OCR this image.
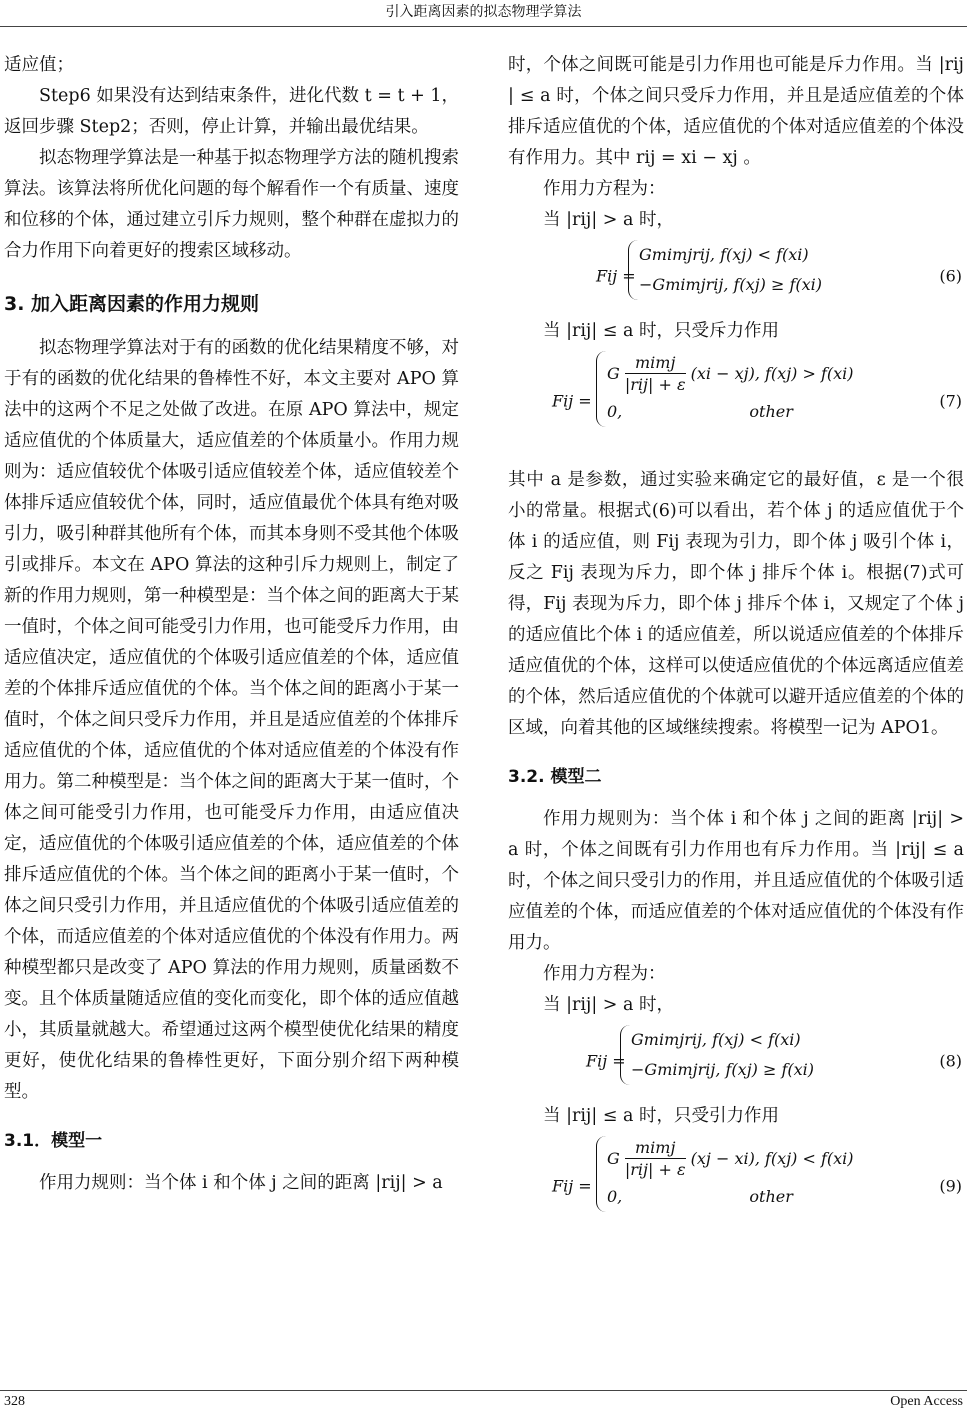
引入距离因素的拟态物理学算法

适应值；

Step6 如果没有达到结束条件，进化代数 t = t + 1，返回步骤 Step2；否则，停止计算，并输出最优结果。

拟态物理学算法是一种基于拟态物理学方法的随机搜索算法。该算法将所优化问题的每个解看作一个有质量、速度和位移的个体，通过建立引斥力规则，整个种群在虚拟力的合力作用下向着更好的搜索区域移动。

3. 加入距离因素的作用力规则

拟态物理学算法对于有的函数的优化结果精度不够，对于有的函数的优化结果的鲁棒性不好，本文主要对 APO 算法中的这两个不足之处做了改进。在原 APO 算法中，规定适应值优的个体质量大，适应值差的个体质量小。作用力规则为：适应值较优个体吸引适应值较差个体，适应值较差个体排斥适应值较优个体，同时，适应值最优个体具有绝对吸引力，吸引种群其他所有个体，而其本身则不受其他个体吸引或排斥。本文在 APO 算法的这种引斥力规则上，制定了新的作用力规则，第一种模型是：当个体之间的距离大于某一值时，个体之间可能受引力作用，也可能受斥力作用，由适应值决定，适应值优的个体吸引适应值差的个体，适应值差的个体排斥适应值优的个体。当个体之间的距离小于某一值时，个体之间只受斥力作用，并且是适应值差的个体排斥适应值优的个体，适应值优的个体对适应值差的个体没有作用力。第二种模型是：当个体之间的距离大于某一值时，个体之间可能受引力作用，也可能受斥力作用，由适应值决定，适应值优的个体吸引适应值差的个体，适应值差的个体排斥适应值优的个体。当个体之间的距离小于某一值时，个体之间只受引力作用，并且适应值优的个体吸引适应值差的个体，而适应值差的个体对适应值优的个体没有作用力。两种模型都只是改变了 APO 算法的作用力规则，质量函数不变。且个体质量随适应值的变化而变化，即个体的适应值越小，其质量就越大。希望通过这两个模型使优化结果的精度更好，使优化结果的鲁棒性更好，下面分别介绍下两种模型。

3.1．模型一

作用力规则：当个体 i 和个体 j 之间的距离 |rij| > a

时，个体之间既可能是引力作用也可能是斥力作用。当 |rij| ≤ a 时，个体之间只受斥力作用，并且是适应值差的个体排斥适应值优的个体，适应值优的个体对适应值差的个体没有作用力。其中 rij = xi − xj 。

作用力方程为：

当 |rij| > a 时，

Fij =
Gmimjrij, f(xj) < f(xi)
−Gmimjrij, f(xj) ≥ f(xi)	(6)

当 |rij| ≤ a 时，只受斥力作用

Fij =
G $\frac{\text{mimj}}{\text{|rij| + ε}} (xi - xj)$, f(xj) > f(xi)
0,                         other
(7)

其中 a 是参数，通过实验来确定它的最好值，ε 是一个很小的常量。根据式(6)可以看出，若个体 j 的适应值优于个体 i 的适应值，则 Fij 表现为引力，即个体 j 吸引个体 i，反之 Fij 表现为斥力，即个体 j 排斥个体 i。根据(7)式可得，Fij 表现为斥力，即个体 j 排斥个体 i，又规定了个体 j 的适应值比个体 i 的适应值差，所以说适应值差的个体排斥适应值优的个体，这样可以使适应值优的个体远离适应值差的个体，然后适应值优的个体就可以避开适应值差的个体的区域，向着其他的区域继续搜索。将模型一记为 APO1。

3.2. 模型二

作用力规则为：当个体 i 和个体 j 之间的距离 |rij| > a 时，个体之间既有引力作用也有斥力作用。当 |rij| ≤ a 时，个体之间只受引力的作用，并且适应值优的个体吸引适应值差的个体，而适应值差的个体对适应值优的个体没有作用力。

作用力方程为：

当 |rij| > a 时，

Fij =
Gmimjrij, f(xj) < f(xi)
−Gmimjrij, f(xj) ≥ f(xi)	(8)

当 |rij| ≤ a 时，只受引力作用

Fij =
G $\frac{\text{mimj}}{\text{|rij| + ε}} (xj - xi)$, f(xj) < f(xi)
0,                         other
(9)
328	Open Access
